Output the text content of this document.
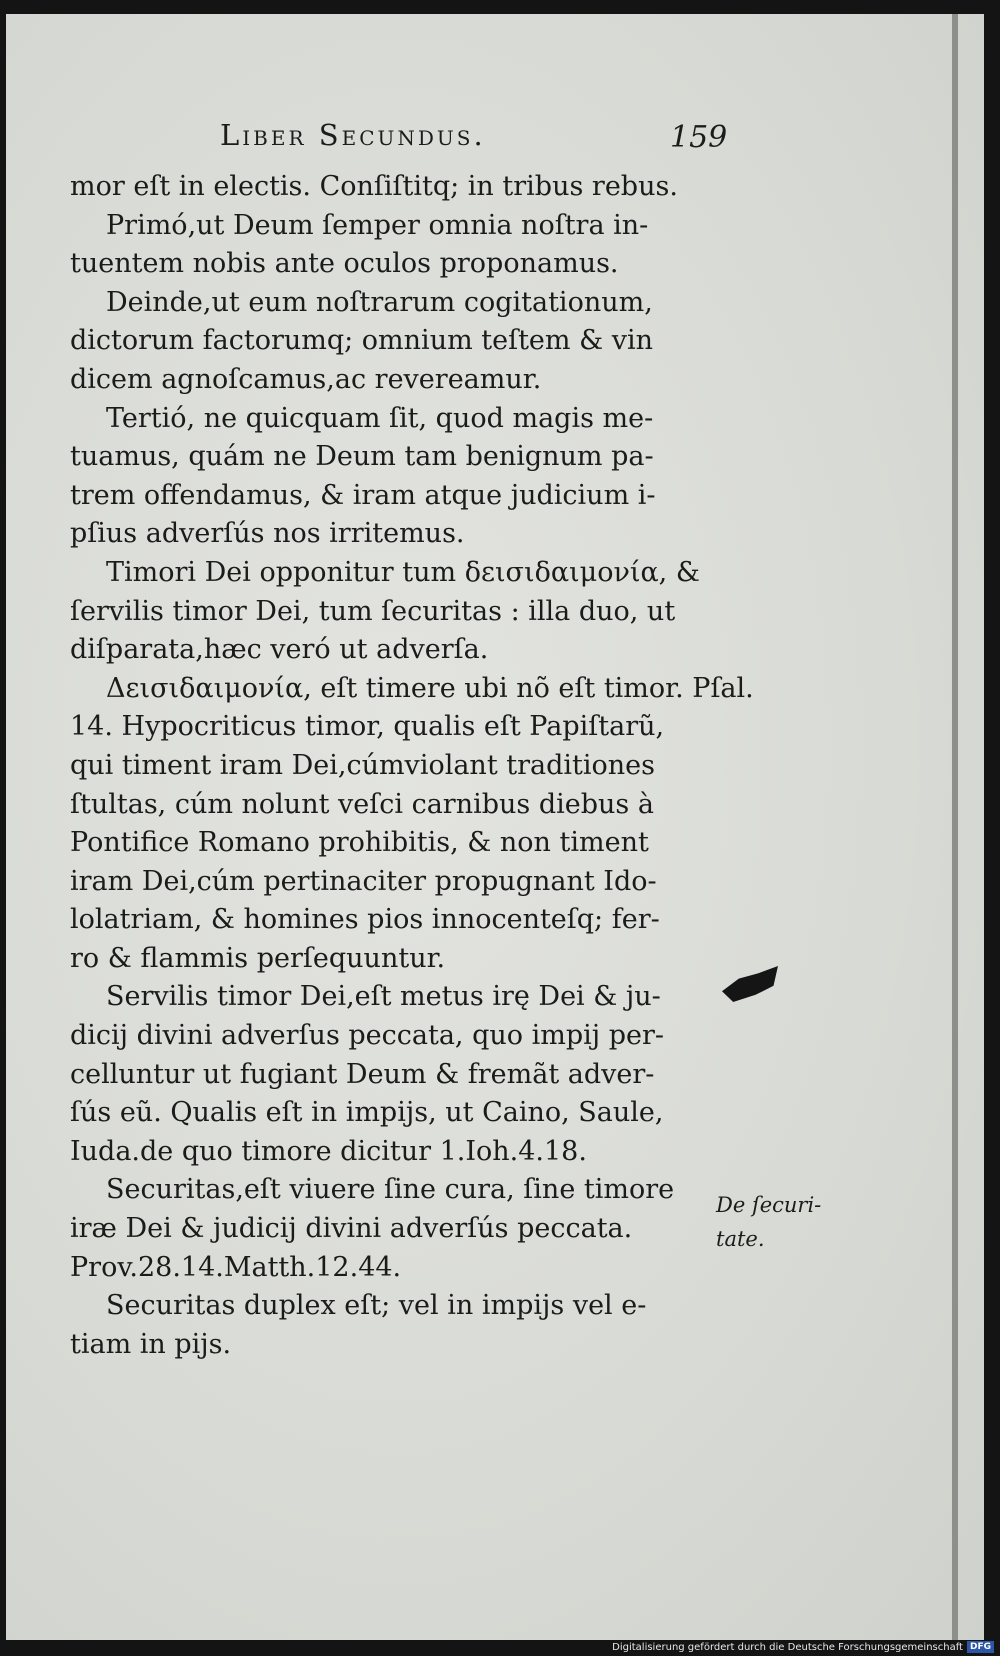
Liber Secundus.	159
mor eſt in electis. Conſiſtitq; in tribus rebus.
Primó,ut Deum ſemper omnia noſtra in-
tuentem nobis ante oculos proponamus.
Deinde,ut eum noſtrarum cogitationum,
dictorum factorumq; omnium teſtem & vin
dicem agnoſcamus,ac revereamur.
Tertió, ne quicquam ſit, quod magis me-
tuamus, quám ne Deum tam benignum pa-
trem offendamus, & iram atque judicium i-
pſius adverſús nos irritemus.
Timori Dei opponitur tum δεισιδαιμονία, &
ſervilis timor Dei, tum ſecuritas : illa duo, ut
diſparata,hæc veró ut adverſa.
Δεισιδαιμονία, eſt timere ubi nõ eſt timor. Pſal.
14. Hypocriticus timor, qualis eſt Papiſtarũ,
qui timent iram Dei,cúmviolant traditiones
ſtultas, cúm nolunt veſci carnibus diebus à
Pontifice Romano prohibitis, & non timent
iram Dei,cúm pertinaciter propugnant Ido-
lolatriam, & homines pios innocenteſq; fer-
ro & flammis perſequuntur.
Servilis timor Dei,eſt metus irę Dei & ju-
dicij divini adverſus peccata, quo impij per-
celluntur ut fugiant Deum & fremãt adver-
ſús eũ. Qualis eſt in impijs, ut Caino, Saule,
Iuda.de quo timore dicitur 1.Ioh.4.18.
Securitas,eſt viuere ſine cura, ſine timore
iræ Dei & judicij divini adverſús peccata.
Prov.28.14.Matth.12.44.
Securitas duplex eſt; vel in impijs vel e-
tiam in pijs.
De ſecuri-
tate.
Digitalisierung gefördert durch die Deutsche Forschungsgemeinschaft DFG
